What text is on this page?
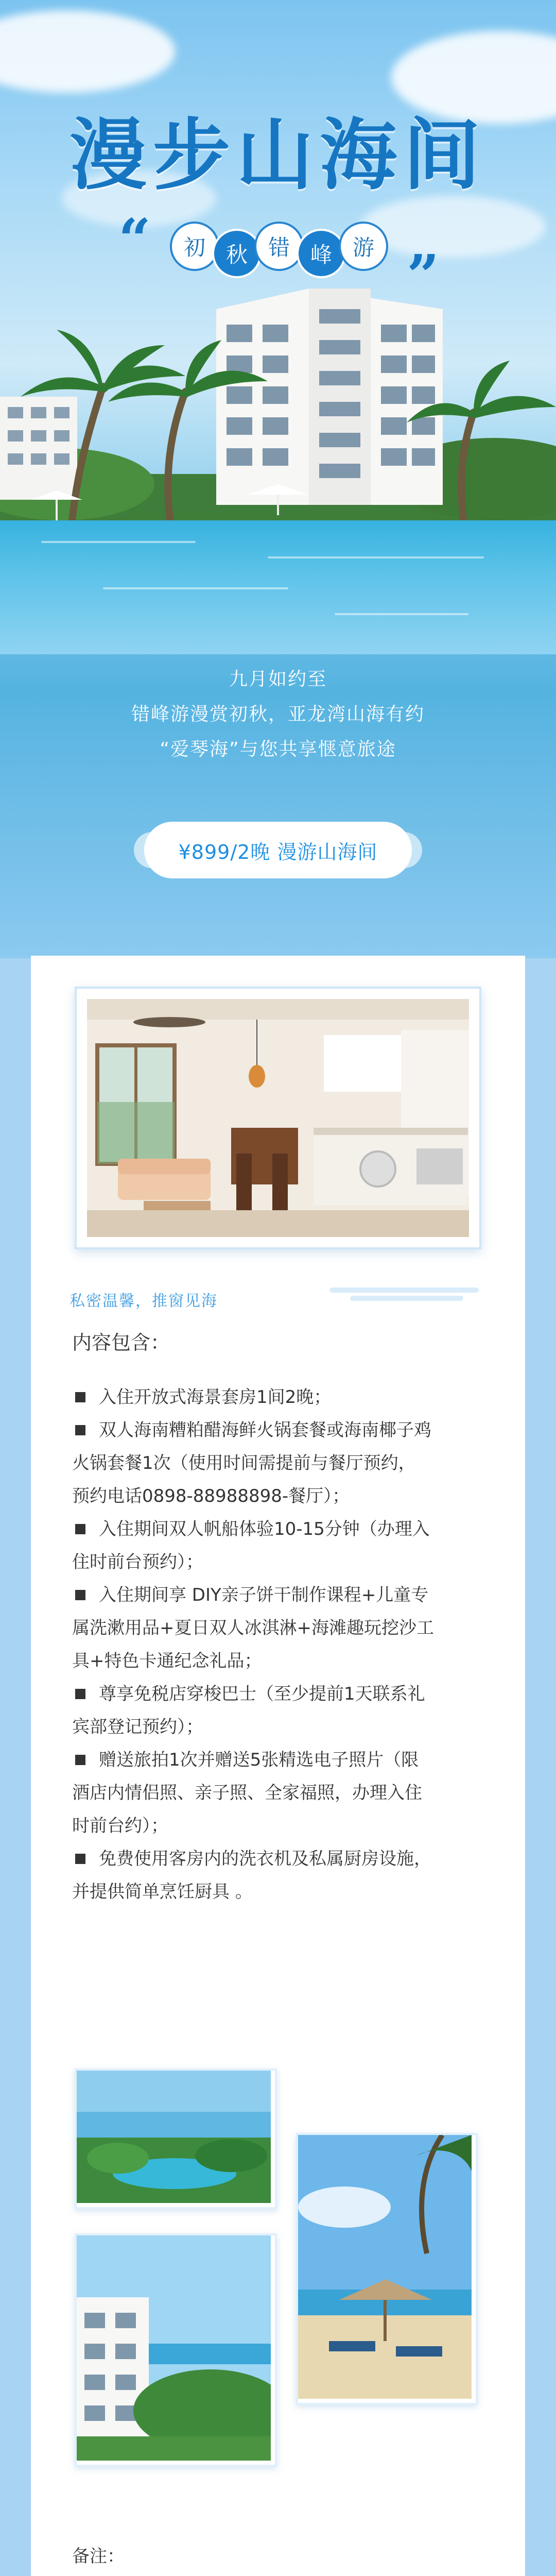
漫步山海间
“
”
初 秋 错 峰 游
九月如约至
错峰游漫赏初秋，亚龙湾山海有约
“爱琴海”与您共享惬意旅途
¥899/2晚 漫游山海间
私密温馨，推窗见海
内容包含：
入住开放式海景套房1间2晚；
双人海南糟粕醋海鲜火锅套餐或海南椰子鸡
火锅套餐1次（使用时间需提前与餐厅预约，
预约电话0898-88988898-餐厅）；
入住期间双人帆船体验10-15分钟（办理入
住时前台预约）；
入住期间享 DIY亲子饼干制作课程+儿童专
属洗漱用品+夏日双人冰淇淋+海滩趣玩挖沙工
具+特色卡通纪念礼品；
尊享免税店穿梭巴士（至少提前1天联系礼
宾部登记预约）；
赠送旅拍1次并赠送5张精选电子照片（限
酒店内情侣照、亲子照、全家福照，办理入住
时前台约）；
免费使用客房内的洗衣机及私属厨房设施，
并提供简单烹饪厨具 。
备注：
